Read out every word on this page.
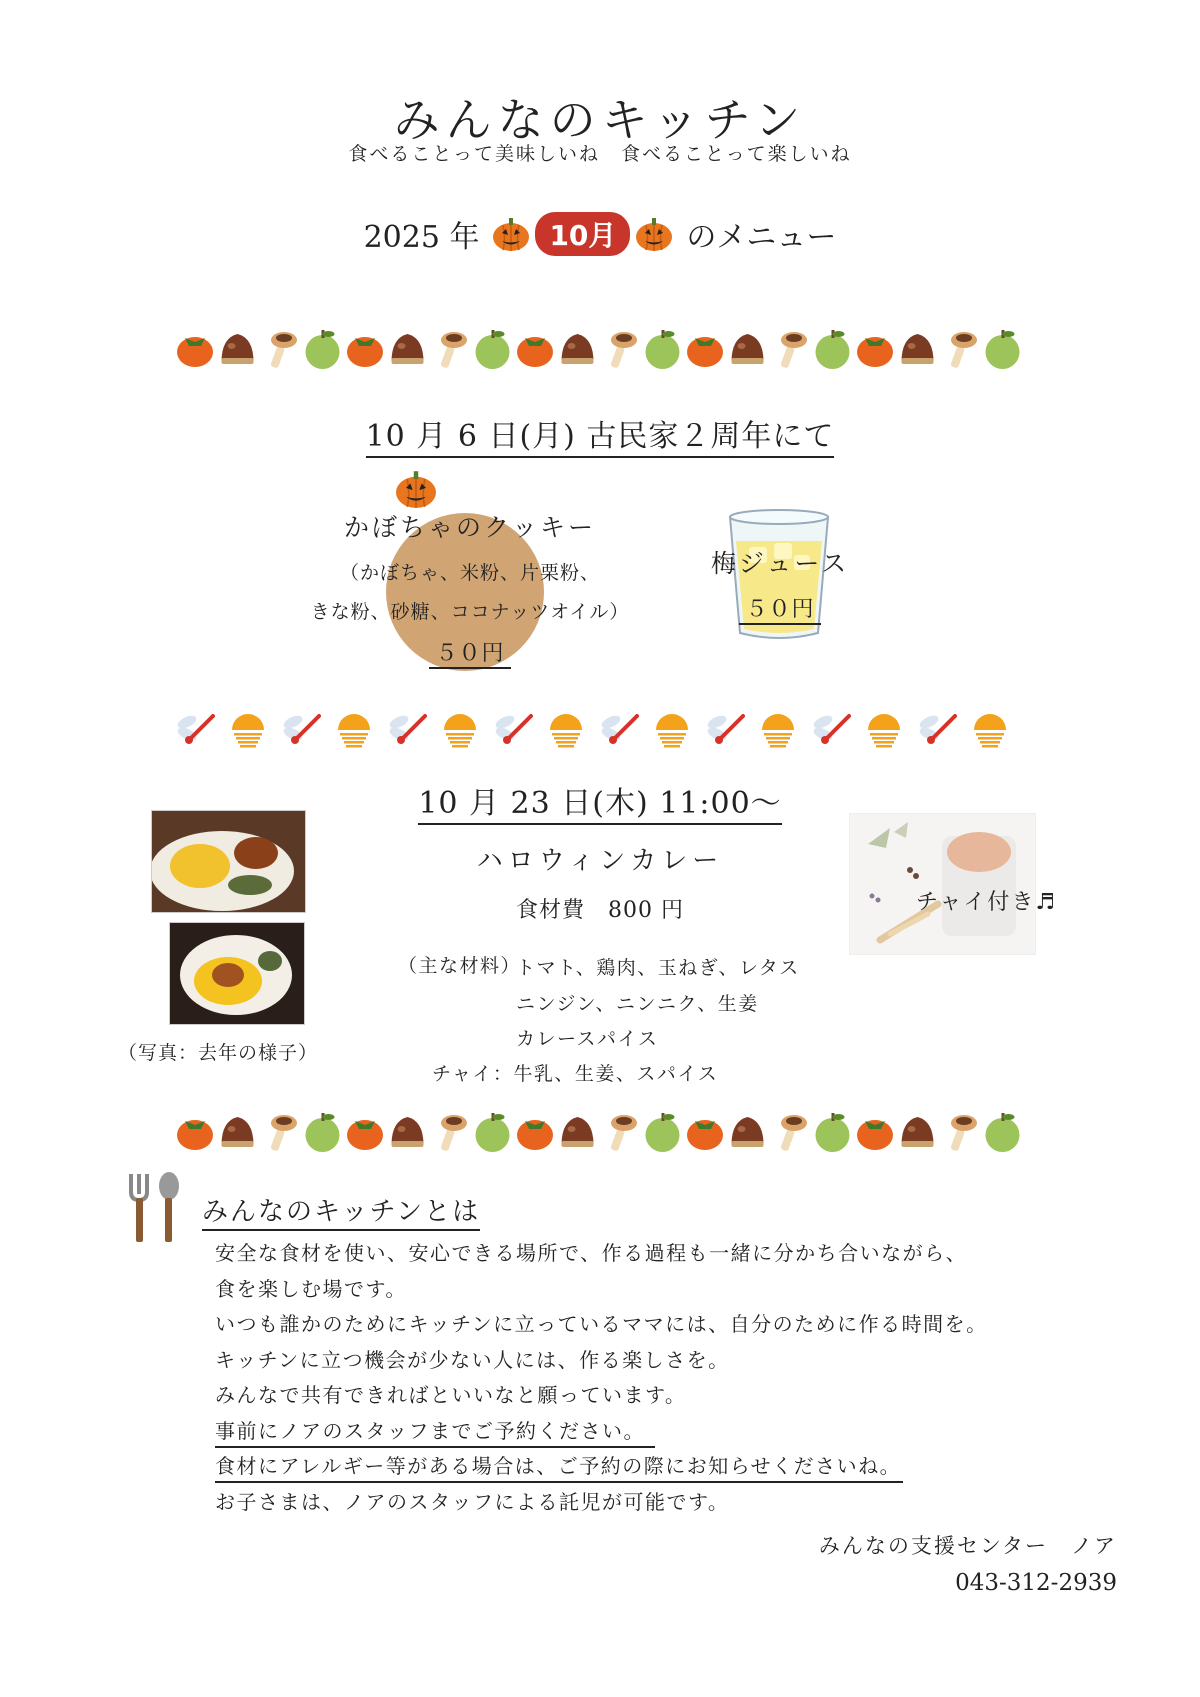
みんなのキッチン
食べることって美味しいね　食べることって楽しいね
2025 年	10月	のメニュー
10 月 6 日(月) 古民家２周年にて
かぼちゃのクッキー
（かぼちゃ、米粉、片栗粉、
きな粉、砂糖、ココナッツオイル）
５０円
梅ジュース
５０円
10 月 23 日(木) 11:00～
（写真：去年の様子）
ハロウィンカレー
食材費　800 円
（主な材料）
トマト、鶏肉、玉ねぎ、レタス
ニンジン、ニンニク、生姜
カレースパイス
チャイ：牛乳、生姜、スパイス
チャイ付き♬
みんなのキッチンとは
安全な食材を使い、安心できる場所で、作る過程も一緒に分かち合いながら、
食を楽しむ場です。
いつも誰かのためにキッチンに立っているママには、自分のために作る時間を。
キッチンに立つ機会が少ない人には、作る楽しさを。
みんなで共有できればといいなと願っています。
事前にノアのスタッフまでご予約ください。
食材にアレルギー等がある場合は、ご予約の際にお知らせくださいね。
お子さまは、ノアのスタッフによる託児が可能です。
みんなの支援センター　ノア
043-312-2939
